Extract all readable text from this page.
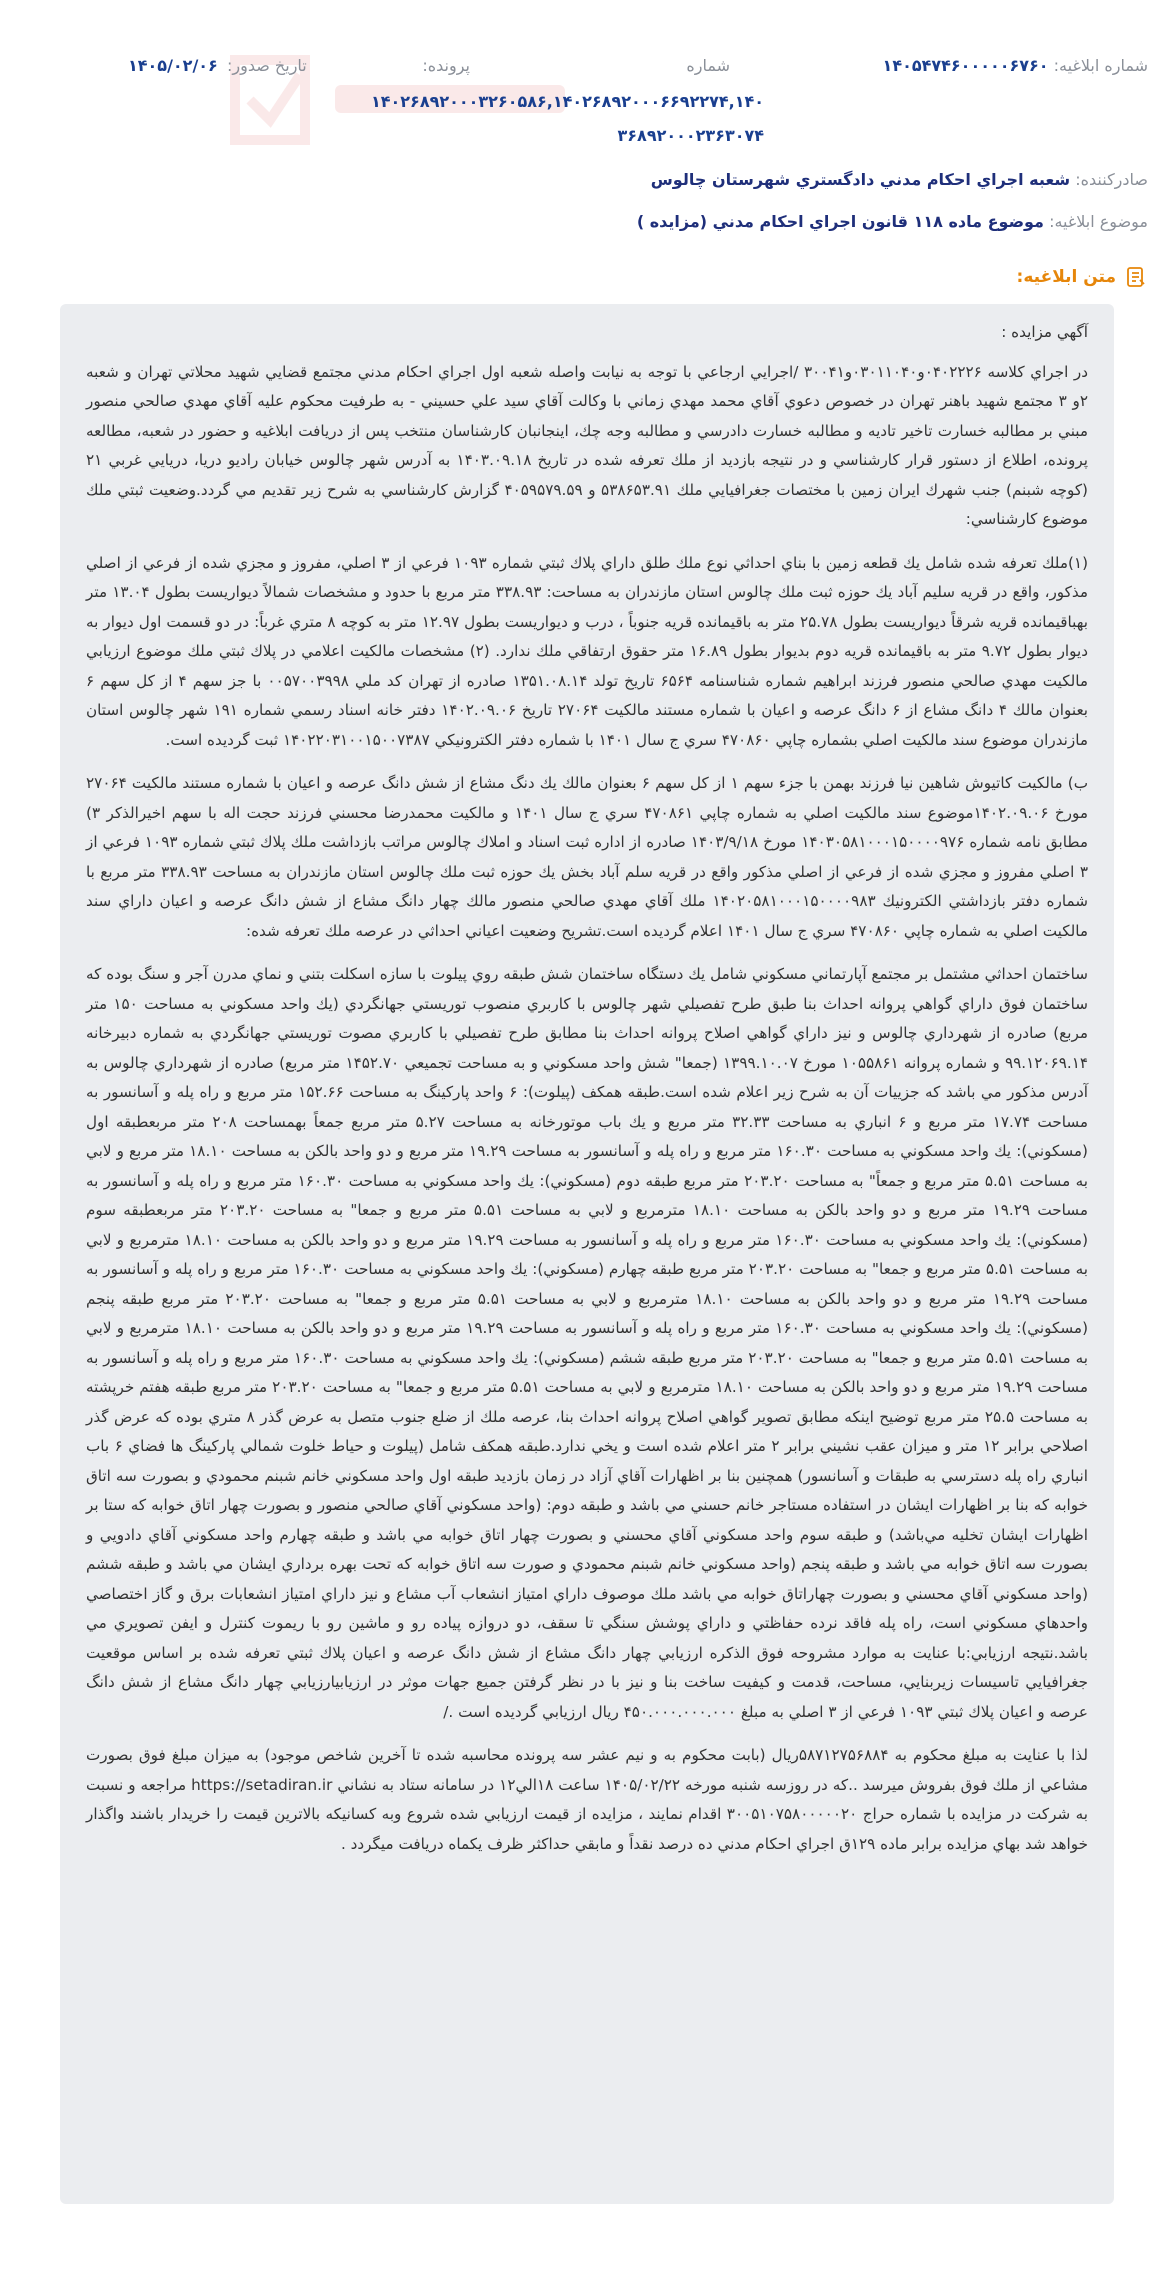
شماره ابلاغیه: ۱۴۰۵۴۷۴۶۰۰۰۰۰۶۷۶۰
شماره
پرونده:
تاریخ صدور:
۱۴۰۵/۰۲/۰۶
۱۴۰۲۶۸۹۲۰۰۰۳۲۶۰۵۸۶,۱۴۰۲۶۸۹۲۰۰۰۶۶۹۲۲۷۴,۱۴۰
۳۶۸۹۲۰۰۰۲۳۶۳۰۷۴
صادرکننده: شعبه اجراي احكام مدني دادگستري شهرستان چالوس
موضوع ابلاغیه: موضوع ماده ۱۱۸ قانون اجراي احكام مدني (مزايده )
متن ابلاغیه:

آگهي مزايده :

در اجراي كلاسه ۰۴۰۲۲۲۶و۰۳۰۱۱۰۴۰و۳۰۰۴۱ /اجرايي ارجاعي با توجه به نيابت واصله شعبه اول اجراي احكام مدني مجتمع قضايي شهيد محلاتي تهران و شعبه ۲و ۳ مجتمع شهيد باهنر تهران در خصوص دعوي آقاي محمد مهدي زماني با وكالت آقاي سيد علي حسيني - به طرفيت محكوم عليه آقاي مهدي صالحي منصور مبني بر مطالبه خسارت تاخير تاديه و مطالبه خسارت دادرسي و مطالبه وجه چك، اينجانبان كارشناسان منتخب پس از دريافت ابلاغيه و حضور در شعبه، مطالعه پرونده، اطلاع از دستور قرار كارشناسي و در نتيجه بازديد از ملك تعرفه شده در تاريخ ۱۴۰۳.۰۹.۱۸ به آدرس شهر چالوس خيابان راديو دريا، دريايي غربي ۲۱ (كوچه شبنم) جنب شهرك ايران زمين با مختصات جغرافيايي ملك ۵۳۸۶۵۳.۹۱ و ۴۰۵۹۵۷۹.۵۹ گزارش كارشناسي به شرح زير تقديم مي گردد.وضعيت ثبتي ملك موضوع كارشناسي:

(۱)ملك تعرفه شده شامل يك قطعه زمين با بناي احداثي نوع ملك طلق داراي پلاك ثبتي شماره ۱۰۹۳ فرعي از ۳ اصلي، مفروز و مجزي شده از فرعي از اصلي مذكور، واقع در قريه سليم آباد يك حوزه ثبت ملك چالوس استان مازندران به مساحت: ۳۳۸.۹۳ متر مربع با حدود و مشخصات شمالاً ديواريست بطول ۱۳.۰۴ متر بهباقيمانده قريه شرقاً ديواريست بطول ۲۵.۷۸ متر به باقيمانده قريه جنوباً ، درب و ديواريست بطول ۱۲.۹۷ متر به كوچه ۸ متري غرباً: در دو قسمت اول ديوار به ديوار بطول ۹.۷۲ متر به باقيمانده قريه دوم بديوار بطول ۱۶.۸۹ متر حقوق ارتفاقي ملك ندارد. (۲) مشخصات مالكيت اعلامي در پلاك ثبتي ملك موضوع ارزيابي مالكيت مهدي صالحي منصور فرزند ابراهيم شماره شناسنامه ۶۵۶۴ تاريخ تولد ۱۳۵۱.۰۸.۱۴ صادره از تهران كد ملي ۰۰۵۷۰۰۳۹۹۸ با جز سهم ۴ از كل سهم ۶ بعنوان مالك ۴ دانگ مشاع از ۶ دانگ عرصه و اعيان با شماره مستند مالكيت ۲۷۰۶۴ تاريخ ۱۴۰۲.۰۹.۰۶ دفتر خانه اسناد رسمي شماره ۱۹۱ شهر چالوس استان مازندران موضوع سند مالكيت اصلي بشماره چاپي ۴۷۰۸۶۰ سري ج سال ۱۴۰۱ با شماره دفتر الكترونيكي ۱۴۰۲۲۰۳۱۰۰۱۵۰۰۷۳۸۷ ثبت گرديده است.

ب) مالكيت كاتيوش شاهين نيا فرزند بهمن با جزء سهم ۱ از كل سهم ۶ بعنوان مالك يك دنگ مشاع از شش دانگ عرصه و اعيان با شماره مستند مالكيت ۲۷۰۶۴ مورخ ۱۴۰۲.۰۹.۰۶موضوع سند مالكيت اصلي به شماره چاپي ۴۷۰۸۶۱ سري ج سال ۱۴۰۱ و مالكيت محمدرضا محسني فرزند حجت اله با سهم اخيرالذكر ۳) مطابق نامه شماره ۱۴۰۳۰۵۸۱۰۰۰۱۵۰۰۰۰۹۷۶ مورخ ۱۴۰۳/۹/۱۸ صادره از اداره ثبت اسناد و املاك چالوس مراتب بازداشت ملك پلاك ثبتي شماره ۱۰۹۳ فرعي از ۳ اصلي مفروز و مجزي شده از فرعي از اصلي مذكور واقع در قريه سلم آباد بخش يك حوزه ثبت ملك چالوس استان مازندران به مساحت ۳۳۸.۹۳ متر مربع با شماره دفتر بازداشتي الكترونيك ۱۴۰۲۰۵۸۱۰۰۰۱۵۰۰۰۰۹۸۳ ملك آقاي مهدي صالحي منصور مالك چهار دانگ مشاع از شش دانگ عرصه و اعيان داراي سند مالكيت اصلي به شماره چاپي ۴۷۰۸۶۰ سري ج سال ۱۴۰۱ اعلام گرديده است.تشريح وضعيت اعياني احداثي در عرصه ملك تعرفه شده:

ساختمان احداثي مشتمل بر مجتمع آپارتماني مسكوني شامل يك دستگاه ساختمان شش طبقه روي پيلوت با سازه اسكلت بتني و نماي مدرن آجر و سنگ بوده كه ساختمان فوق داراي گواهي پروانه احداث بنا طبق طرح تفصيلي شهر چالوس با كاربري منصوب توريستي جهانگردي (يك واحد مسكوني به مساحت ۱۵۰ متر مربع) صادره از شهرداري چالوس و نيز داراي گواهي اصلاح پروانه احداث بنا مطابق طرح تفصيلي با كاربري مصوت توريستي جهانگردي به شماره دبيرخانه ۹۹.۱۲۰۶۹.۱۴ و شماره پروانه ۱۰۵۵۸۶۱ مورخ ۱۳۹۹.۱۰.۰۷ (جمعا" شش واحد مسكوني و به مساحت تجميعي ۱۴۵۲.۷۰ متر مربع) صادره از شهرداري چالوس به آدرس مذكور مي باشد كه جزييات آن به شرح زير اعلام شده است.طبقه همكف (پيلوت): ۶ واحد پاركينگ به مساحت ۱۵۲.۶۶ متر مربع و راه پله و آسانسور به مساحت ۱۷.۷۴ متر مربع و ۶ انباري به مساحت ۳۲.۳۳ متر مربع و يك باب موتورخانه به مساحت ۵.۲۷ متر مربع جمعاً بهمساحت ۲۰۸ متر مربعطبقه اول (مسكوني): يك واحد مسكوني به مساحت ۱۶۰.۳۰ متر مربع و راه پله و آسانسور به مساحت ۱۹.۲۹ متر مربع و دو واحد بالكن به مساحت ۱۸.۱۰ متر مربع و لابي به مساحت ۵.۵۱ متر مربع و جمعاً" به مساحت ۲۰۳.۲۰ متر مربع طبقه دوم (مسكوني): يك واحد مسكوني به مساحت ۱۶۰.۳۰ متر مربع و راه پله و آسانسور به مساحت ۱۹.۲۹ متر مربع و دو واحد بالكن به مساحت ۱۸.۱۰ مترمربع و لابي به مساحت ۵.۵۱ متر مربع و جمعا" به مساحت ۲۰۳.۲۰ متر مربعطبقه سوم (مسكوني): يك واحد مسكوني به مساحت ۱۶۰.۳۰ متر مربع و راه پله و آسانسور به مساحت ۱۹.۲۹ متر مربع و دو واحد بالكن به مساحت ۱۸.۱۰ مترمربع و لابي به مساحت ۵.۵۱ متر مربع و جمعا" به مساحت ۲۰۳.۲۰ متر مربع طبقه چهارم (مسكوني): يك واحد مسكوني به مساحت ۱۶۰.۳۰ متر مربع و راه پله و آسانسور به مساحت ۱۹.۲۹ متر مربع و دو واحد بالكن به مساحت ۱۸.۱۰ مترمربع و لابي به مساحت ۵.۵۱ متر مربع و جمعا" به مساحت ۲۰۳.۲۰ متر مربع طبقه پنجم (مسكوني): يك واحد مسكوني به مساحت ۱۶۰.۳۰ متر مربع و راه پله و آسانسور به مساحت ۱۹.۲۹ متر مربع و دو واحد بالكن به مساحت ۱۸.۱۰ مترمربع و لابي به مساحت ۵.۵۱ متر مربع و جمعا" به مساحت ۲۰۳.۲۰ متر مربع طبقه ششم (مسكوني): يك واحد مسكوني به مساحت ۱۶۰.۳۰ متر مربع و راه پله و آسانسور به مساحت ۱۹.۲۹ متر مربع و دو واحد بالكن به مساحت ۱۸.۱۰ مترمربع و لابي به مساحت ۵.۵۱ متر مربع و جمعا" به مساحت ۲۰۳.۲۰ متر مربع طبقه هفتم خرپشته به مساحت ۲۵.۵ متر مربع توضيح اينكه مطابق تصوير گواهي اصلاح پروانه احداث بنا، عرصه ملك از ضلع جنوب متصل به عرض گذر ۸ متري بوده كه عرض گذر اصلاحي برابر ۱۲ متر و ميزان عقب نشيني برابر ۲ متر اعلام شده است و يخي ندارد.طبقه همكف شامل (پيلوت و حياط خلوت شمالي پاركينگ ها فضاي ۶ باب انباري راه پله دسترسي به طبقات و آسانسور) همچنين بنا بر اظهارات آقاي آزاد در زمان بازديد طبقه اول واحد مسكوني خانم شبنم محمودي و بصورت سه اتاق خوابه كه بنا بر اظهارات ايشان در استفاده مستاجر خانم حسني مي باشد و طبقه دوم: (واحد مسكوني آقاي صالحي منصور و بصورت چهار اتاق خوابه كه ستا بر اظهارات ايشان تخليه مي‌باشد) و طبقه سوم واحد مسكوني آقاي محسني و بصورت چهار اتاق خوابه مي باشد و طبقه چهارم واحد مسكوني آقاي دادويي و بصورت سه اتاق خوابه مي باشد و طبقه پنجم (واحد مسكوني خانم شبنم محمودي و صورت سه اتاق خوابه كه تحت بهره برداري ايشان مي باشد و طبقه ششم (واحد مسكوني آقاي محسني و بصورت چهاراتاق خوابه مي باشد ملك موصوف داراي امتياز انشعاب آب مشاع و نيز داراي امتياز انشعابات برق و گاز اختصاصي واحدهاي مسكوني است، راه پله فاقد نرده حفاظتي و داراي پوشش سنگي تا سقف، دو دروازه پياده رو و ماشين رو با ريموت كنترل و ايفن تصويري مي باشد.نتيجه ارزيابي:با عنايت به موارد مشروحه فوق الذكره ارزيابي چهار دانگ مشاع از شش دانگ عرصه و اعيان پلاك ثبتي تعرفه شده بر اساس موقعيت جغرافيايي تاسيسات زيربنايي، مساحت، قدمت و كيفيت ساخت بنا و نيز با در نظر گرفتن جميع جهات موثر در ارزيابيارزيابي چهار دانگ مشاع از شش دانگ عرصه و اعيان پلاك ثبتي ۱۰۹۳ فرعي از ۳ اصلي به مبلغ ۴۵۰.۰۰۰.۰۰۰.۰۰۰ ريال ارزيابي گرديده است ./

لذا با عنايت به مبلغ محكوم به ۵۸۷۱۲۷۵۶۸۸۴ريال (بابت محكوم به و نيم عشر سه پرونده محاسبه شده تا آخرين شاخص موجود) به ميزان مبلغ فوق بصورت مشاعي از ملك فوق بفروش ميرسد ..كه در روزسه شنبه مورخه ۱۴۰۵/۰۲/۲۲ ساعت ۱۸الي۱۲ در سامانه ستاد به نشاني https://setadiran.ir مراجعه و نسبت به شركت در مزايده با شماره حراج ۳۰۰۵۱۰۷۵۸۰۰۰۰۰۲۰ اقدام نمايند ، مزايده از قيمت ارزيابي شده شروع وبه كسانيكه بالاترين قيمت را خريدار باشند واگذار خواهد شد بهاي مزايده برابر ماده ۱۲۹ق اجراي احكام مدني ده درصد نقداً و مابقي حداكثر ظرف يكماه دريافت ميگردد .
